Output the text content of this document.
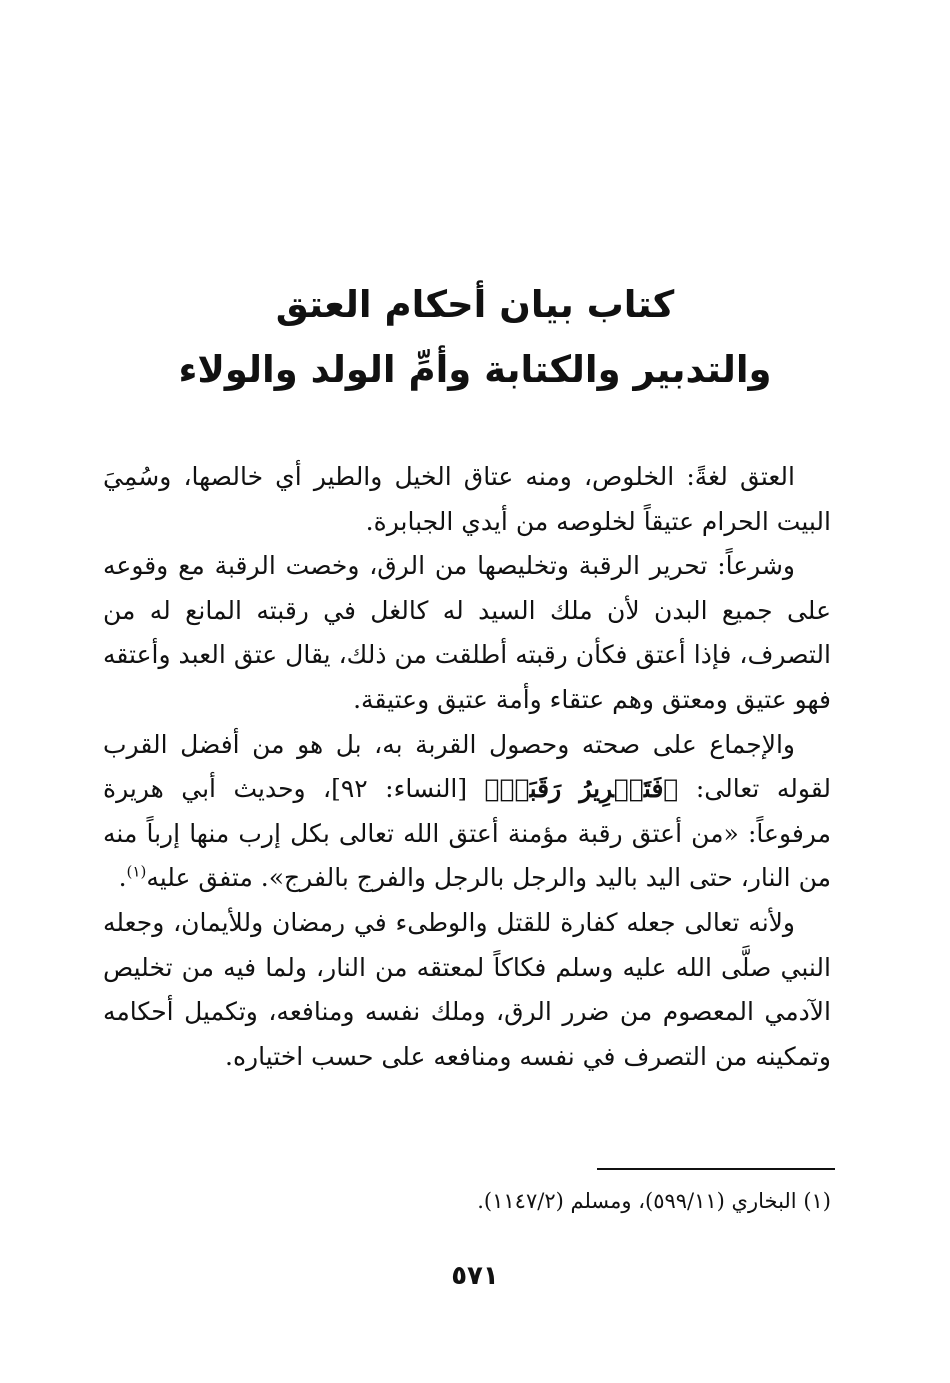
كتاب بيان أحكام العتق
والتدبير والكتابة وأمِّ الولد والولاء

العتق لغةً: الخلوص، ومنه عتاق الخيل والطير أي خالصها، وسُمِيَ البيت الحرام عتيقاً لخلوصه من أيدي الجبابرة.

وشرعاً: تحرير الرقبة وتخليصها من الرق، وخصت الرقبة مع وقوعه على جميع البدن لأن ملك السيد له كالغل في رقبته المانع له من التصرف، فإذا أعتق فكأن رقبته أطلقت من ذلك، يقال عتق العبد وأعتقه فهو عتيق ومعتق وهم عتقاء وأمة عتيق وعتيقة.

والإجماع على صحته وحصول القربة به، بل هو من أفضل القرب لقوله تعالى: ﴿فَتَحۡرِيرُ رَقَبَةٖ﴾ [النساء: ٩٢]، وحديث أبي هريرة مرفوعاً: «من أعتق رقبة مؤمنة أعتق الله تعالى بكل إرب منها إرباً منه من النار، حتى اليد باليد والرجل بالرجل والفرج بالفرج». متفق عليه$^{(١)}$.

ولأنه تعالى جعله كفارة للقتل والوطىء في رمضان وللأيمان، وجعله النبي صلَّى الله عليه وسلم فكاكاً لمعتقه من النار، ولما فيه من تخليص الآدمي المعصوم من ضرر الرق، وملك نفسه ومنافعه، وتكميل أحكامه وتمكينه من التصرف في نفسه ومنافعه على حسب اختياره.

(١) البخاري (٥٩٩/١١)، ومسلم (١١٤٧/٢).
٥٧١
